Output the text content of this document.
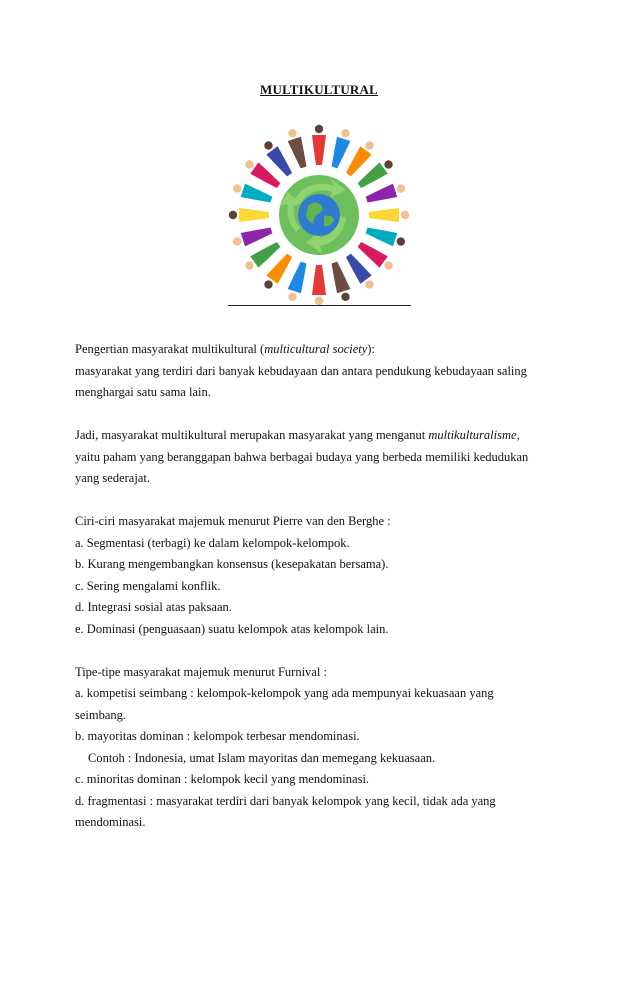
MULTIKULTURAL

Pengertian masyarakat multikultural (multicultural society):

masyarakat yang terdiri dari banyak kebudayaan dan antara pendukung kebudayaan saling

menghargai satu sama lain.

Jadi, masyarakat multikultural merupakan masyarakat yang menganut multikulturalisme,

yaitu paham yang beranggapan bahwa berbagai budaya yang berbeda memiliki kedudukan

yang sederajat.

Ciri-ciri masyarakat majemuk menurut Pierre van den Berghe :

a. Segmentasi (terbagi) ke dalam kelompok-kelompok.

b. Kurang mengembangkan konsensus (kesepakatan bersama).

c. Sering mengalami konflik.

d. Integrasi sosial atas paksaan.

e. Dominasi (penguasaan) suatu kelompok atas kelompok lain.

Tipe-tipe masyarakat majemuk menurut Furnival :

a. kompetisi seimbang : kelompok-kelompok yang ada mempunyai kekuasaan yang

seimbang.

b. mayoritas dominan : kelompok terbesar mendominasi.

Contoh : Indonesia, umat Islam mayoritas dan memegang kekuasaan.

c. minoritas dominan : kelompok kecil yang mendominasi.

d. fragmentasi : masyarakat terdiri dari banyak kelompok yang kecil, tidak ada yang

mendominasi.
